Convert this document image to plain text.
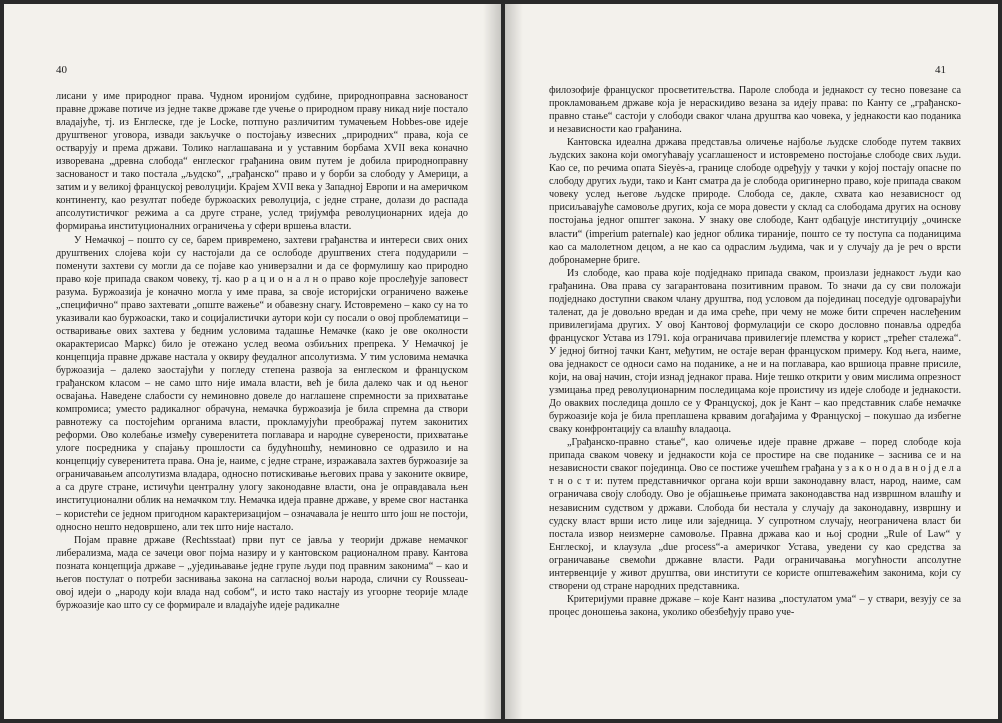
40

лисани у име природног права. Чудном иронијом судбине, природноправна заснованост правне државе потиче из једне такве државе где учење о природном праву никад није постало владајуће, тј. из Енглеске, где је Locke, потпуно различитим тумачењем Hobbes-ове идеје друштвеног уговора, извади закључке о постојању извесних „природних“ права, која се остварују и према држави. Толико наглашавана и у уставним борбама XVII века коначно изворевана „древна слобода“ енглеског грађанина овим путем је добила природноправну заснованост и тако постала „људско“, „грађанско“ право и у борби за слободу у Америци, а затим и у великој француској револуцији. Крајем XVII века у Западној Европи и на америчком континенту, као резултат победе буржоаских револуција, с једне стране, долази до распада апсолутистичког режима а са друге стране, услед тријумфа револуционарних идеја до формирања институционалних ограничења у сфери вршења власти.

У Немачкој – пошто су се, барем привремено, захтеви грађанства и интереси свих оних друштвених слојева који су настојали да се ослободе друштвених стега подударили – поменути захтеви су могли да се појаве као универзални и да се формулишу као природно право које припада сваком човеку, тј. као р а ц и о н а л н о право које прослеђује заповест разума. Буржоазија је коначно могла у име права, за своје историјски ограничено важење „специфично“ право захтевати „опште важење“ и обавезну снагу. Истовремено – како су на то указивали као буржоаски, тако и социјалистички аутори који су посали о овој проблематици – остваривање ових захтева у бедним условима тадашње Немачке (како је ове околности окарактерисао Маркс) било је отежано услед веома озбиљних препрека. У Немачкој је концепција правне државе настала у оквиру феудалног апсолутизма. У тим условима немачка буржоазија – далеко заостајући у погледу степена развоја за енглеском и француском грађанском класом – не само што није имала власти, већ је била далеко чак и од њеног освајања. Наведене слабости су неминовно довеле до наглашене спремности за прихватање компромиса; уместо радикалног обрачуна, немачка буржоазија је била спремна да створи равнотежу са постојећим органима власти, прокламујући преображај путем законитих реформи. Ово колебање између суверенитета поглавара и народне суверености, прихватање улоге посредника у спајању прошлости са будућношћу, неминовно се одразило и на концепцију суверенитета права. Она је, наиме, с једне стране, изражавала захтев буржоазије за ограничавањем апсолутизма владара, односно потискивање његових права у законите оквире, а са друге стране, истичући централну улогу законодавне власти, она је оправдавала њен институционални облик на немачком тлу. Немачка идеја правне државе, у време свог настанка – користећи се једном пригодном карактеризацијом – означавала је нешто што још не постоји, односно нешто недовршено, али тек што није настало.

Појам правне државе (Rechtsstaat) први пут се јавља у теорији државе немачког либерализма, мада се зачеци овог појма назиру и у кантовском рационалном праву. Кантова позната концепција државе – „уједињавање једне групе људи под правним законима“ – као и његов постулат о потреби заснивања закона на сагласној вољи народа, слични су Rousseau-овој идеји о „народу који влада над собом“, и исто тако настају из угоорне теорије младе буржоазије као што су се формирале и владајуће идеје радикалне

41

филозофије француског просветитељства. Пароле слобода и једнакост су тесно повезане са прокламовањем државе која је нераскидиво везана за идеју права: по Канту се „грађанско-правно стање“ састоји у слободи сваког члана друштва као човека, у једнакости као поданика и независности као грађанина.

Кантовска идеална држава представља оличење најбоље људске слободе путем таквих људских закона који омогућавају усаглашеност и истовремено постојање слободе свих људи. Као се, по речима опата Sieyès-а, границе слободе одређују у тачки у којој постају опасне по слободу других људи, тако и Кант сматра да је слобода оригинерно право, које припада сваком човеку услед његове људске природе. Слобода се, дакле, схвата као независност од присиљавајуће самовоље других, која се мора довести у склад са слободама других на основу постојања једног општег закона. У знаку ове слободе, Кант одбацује институцију „очинске власти“ (imperium paternale) као једног облика тираније, пошто се ту поступа са поданицима као са малолетном децом, а не као са одраслим људима, чак и у случају да је реч о врсти добронамерне бриге.

Из слободе, као права које подједнако припада сваком, произлази једнакост људи као грађанина. Ова права су загарантована позитивним правом. То значи да су сви положаји подједнако доступни сваком члану друштва, под условом да појединац поседује одговарајући таленат, да је довољно вредан и да има среће, при чему не може бити спречен наслеђеним привилегијама других. У овој Кантовој формулацији се скоро дословно понавља одредба француског Устава из 1791. која ограничава привилегије племства у корист „трећег сталежа“. У једној битној тачки Кант, међутим, не остаје веран француском примеру. Код њега, наиме, ова једнакост се односи само на поданике, а не и на поглавара, као вршиоца правне присиле, који, на овај начин, стоји изнад једнаког права. Није тешко открити у овим мислима опрезност узмицања пред револуционарним последицама које проистичу из идеје слободе и једнакости. До оваквих последица дошло се у Француској, док је Кант – као представник слабе немачке буржоазије која је била преплашена крвавим догађајима у Француској – покушао да избегне сваку конфронтацију са влашћу владаоца.

„Грађанско-правно стање“, као оличење идеје правне државе – поред слободе која припада сваком човеку и једнакости која се простире на све поданике – заснива се и на независности сваког појединца. Ово се постиже учешћем грађана у з а к о н о д а в н о ј д е л а т н о с т и: путем представничког органа који врши законодавну власт, народ, наиме, сам ограничава своју слободу. Ово је објашњење примата законодавства над извршном влашћу и независним судством у држави. Слобода би нестала у случају да законодавну, извршну и судску власт врши исто лице или заједница. У супротном случају, неограничена власт би постала извор неизмерне самовоље. Правна држава као и њој сродни „Rule of Law“ у Енглеској, и клаузула „due process“-а америчког Устава, уведени су као средства за ограничавање свемоћи државне власти. Ради ограничавања могућности апсолутне интервенције у живот друштва, ови институти се користе општеважећим законима, који су створени од стране народних представника.

Критеријуми правне државе – које Кант назива „постулатом ума“ – у ствари, везују се за процес доношења закона, уколико обезбеђују право уче-
